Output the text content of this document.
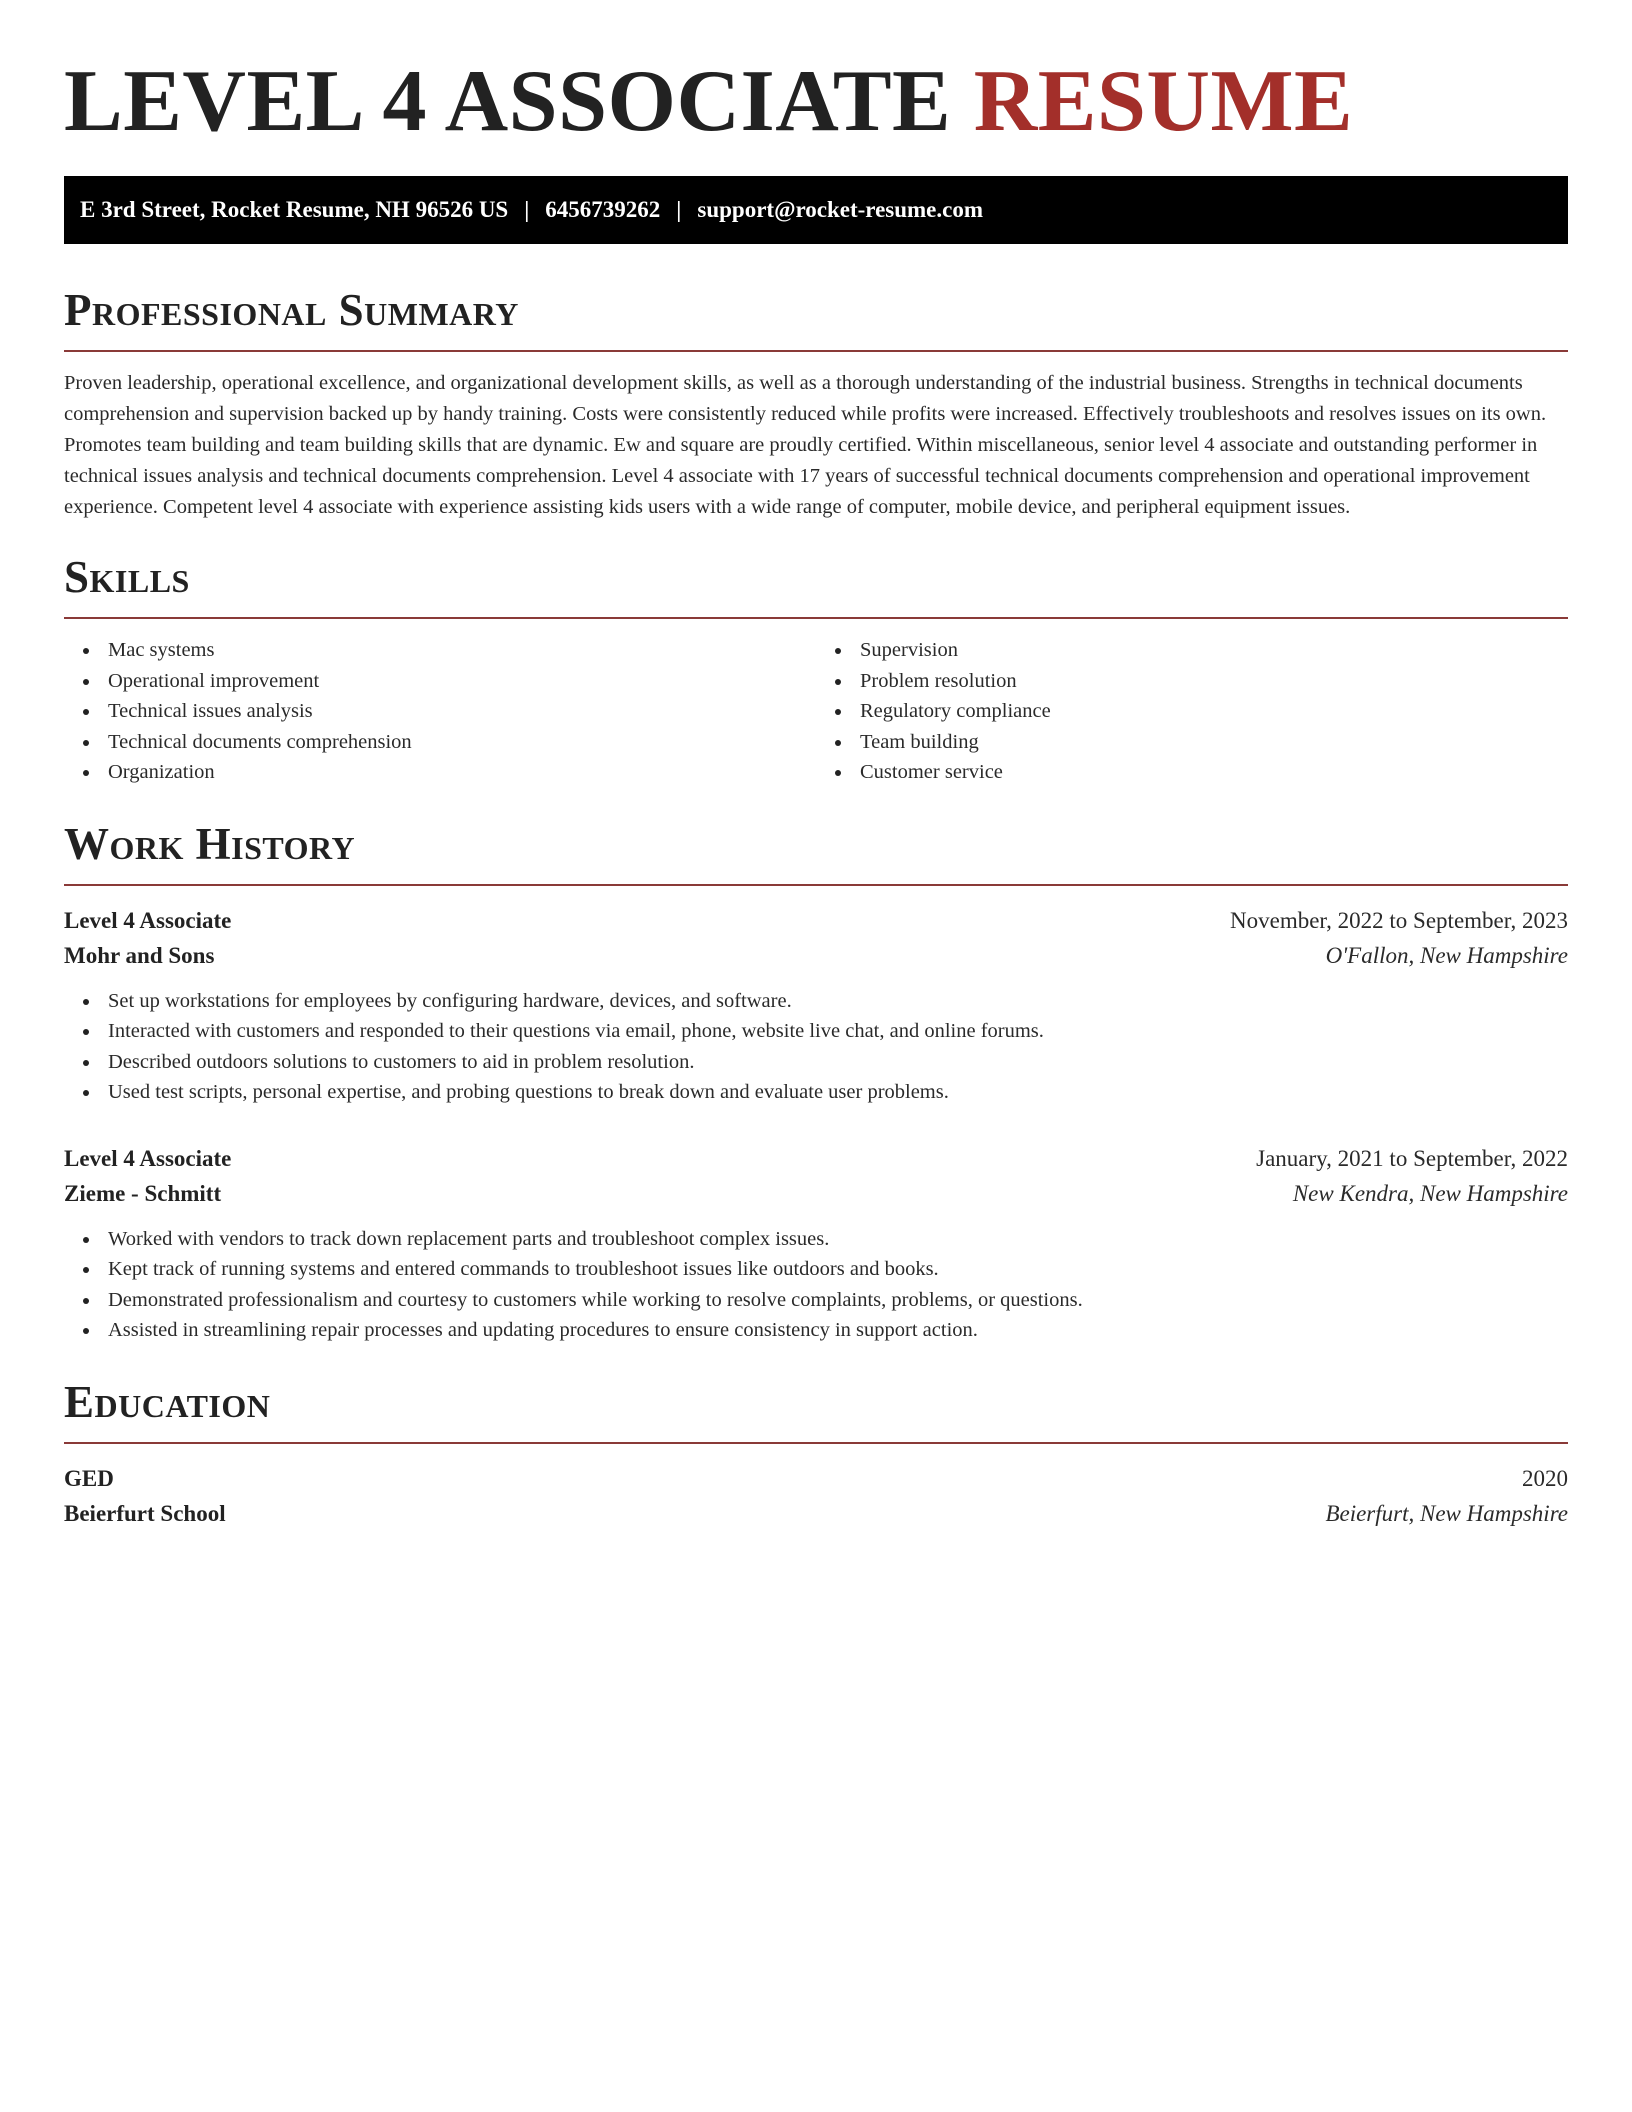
LEVEL 4 ASSOCIATE RESUME
E 3rd Street, Rocket Resume, NH 96526 US | 6456739262 | support@rocket-resume.com
Professional Summary

Proven leadership, operational excellence, and organizational development skills, as well as a thorough understanding of the industrial business. Strengths in technical documents comprehension and supervision backed up by handy training. Costs were consistently reduced while profits were increased. Effectively troubleshoots and resolves issues on its own. Promotes team building and team building skills that are dynamic. Ew and square are proudly certified. Within miscellaneous, senior level 4 associate and outstanding performer in technical issues analysis and technical documents comprehension. Level 4 associate with 17 years of successful technical documents comprehension and operational improvement experience. Competent level 4 associate with experience assisting kids users with a wide range of computer, mobile device, and peripheral equipment issues.

Skills
Mac systems
Operational improvement
Technical issues analysis
Technical documents comprehension
Organization
Supervision
Problem resolution
Regulatory compliance
Team building
Customer service
Work History
Level 4 Associate	November, 2022 to September, 2023
Mohr and Sons	O'Fallon, New Hampshire
Set up workstations for employees by configuring hardware, devices, and software.
Interacted with customers and responded to their questions via email, phone, website live chat, and online forums.
Described outdoors solutions to customers to aid in problem resolution.
Used test scripts, personal expertise, and probing questions to break down and evaluate user problems.
Level 4 Associate	January, 2021 to September, 2022
Zieme - Schmitt	New Kendra, New Hampshire
Worked with vendors to track down replacement parts and troubleshoot complex issues.
Kept track of running systems and entered commands to troubleshoot issues like outdoors and books.
Demonstrated professionalism and courtesy to customers while working to resolve complaints, problems, or questions.
Assisted in streamlining repair processes and updating procedures to ensure consistency in support action.
Education
GED	2020
Beierfurt School	Beierfurt, New Hampshire
